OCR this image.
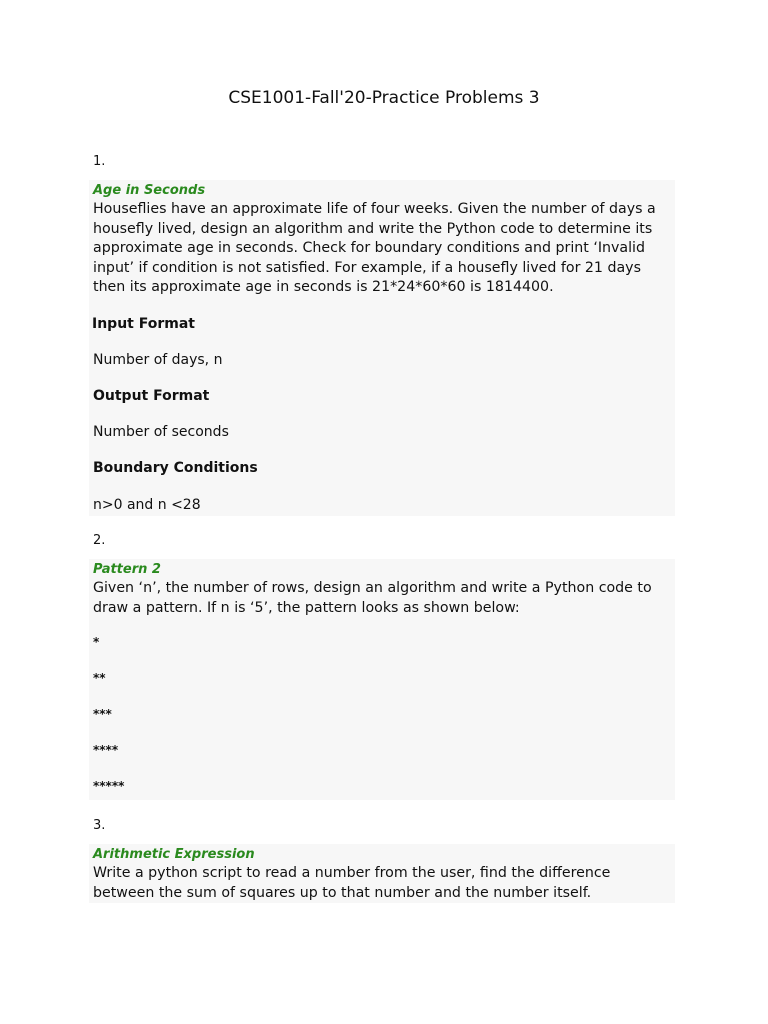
CSE1001-Fall'20-Practice Problems 3
1.
Age in Seconds

Houseflies have an approximate life of four weeks. Given the number of days a housefly lived, design an algorithm and write the Python code to determine its approximate age in seconds. Check for boundary conditions and print ‘Invalid input’ if condition is not satisfied. For example, if a housefly lived for 21 days then its approximate age in seconds is 21*24*60*60 is 1814400.

Input Format
Number of days, n
Output Format
Number of seconds
Boundary Conditions
n>0 and n <28
2.
Pattern 2

Given ‘n’, the number of rows, design an algorithm and write a Python code to draw a pattern. If n is ‘5’, the pattern looks as shown below:

*
**
***
****
*****
3.
Arithmetic Expression

Write a python script to read a number from the user, find the difference between the sum of squares up to that number and the number itself.
